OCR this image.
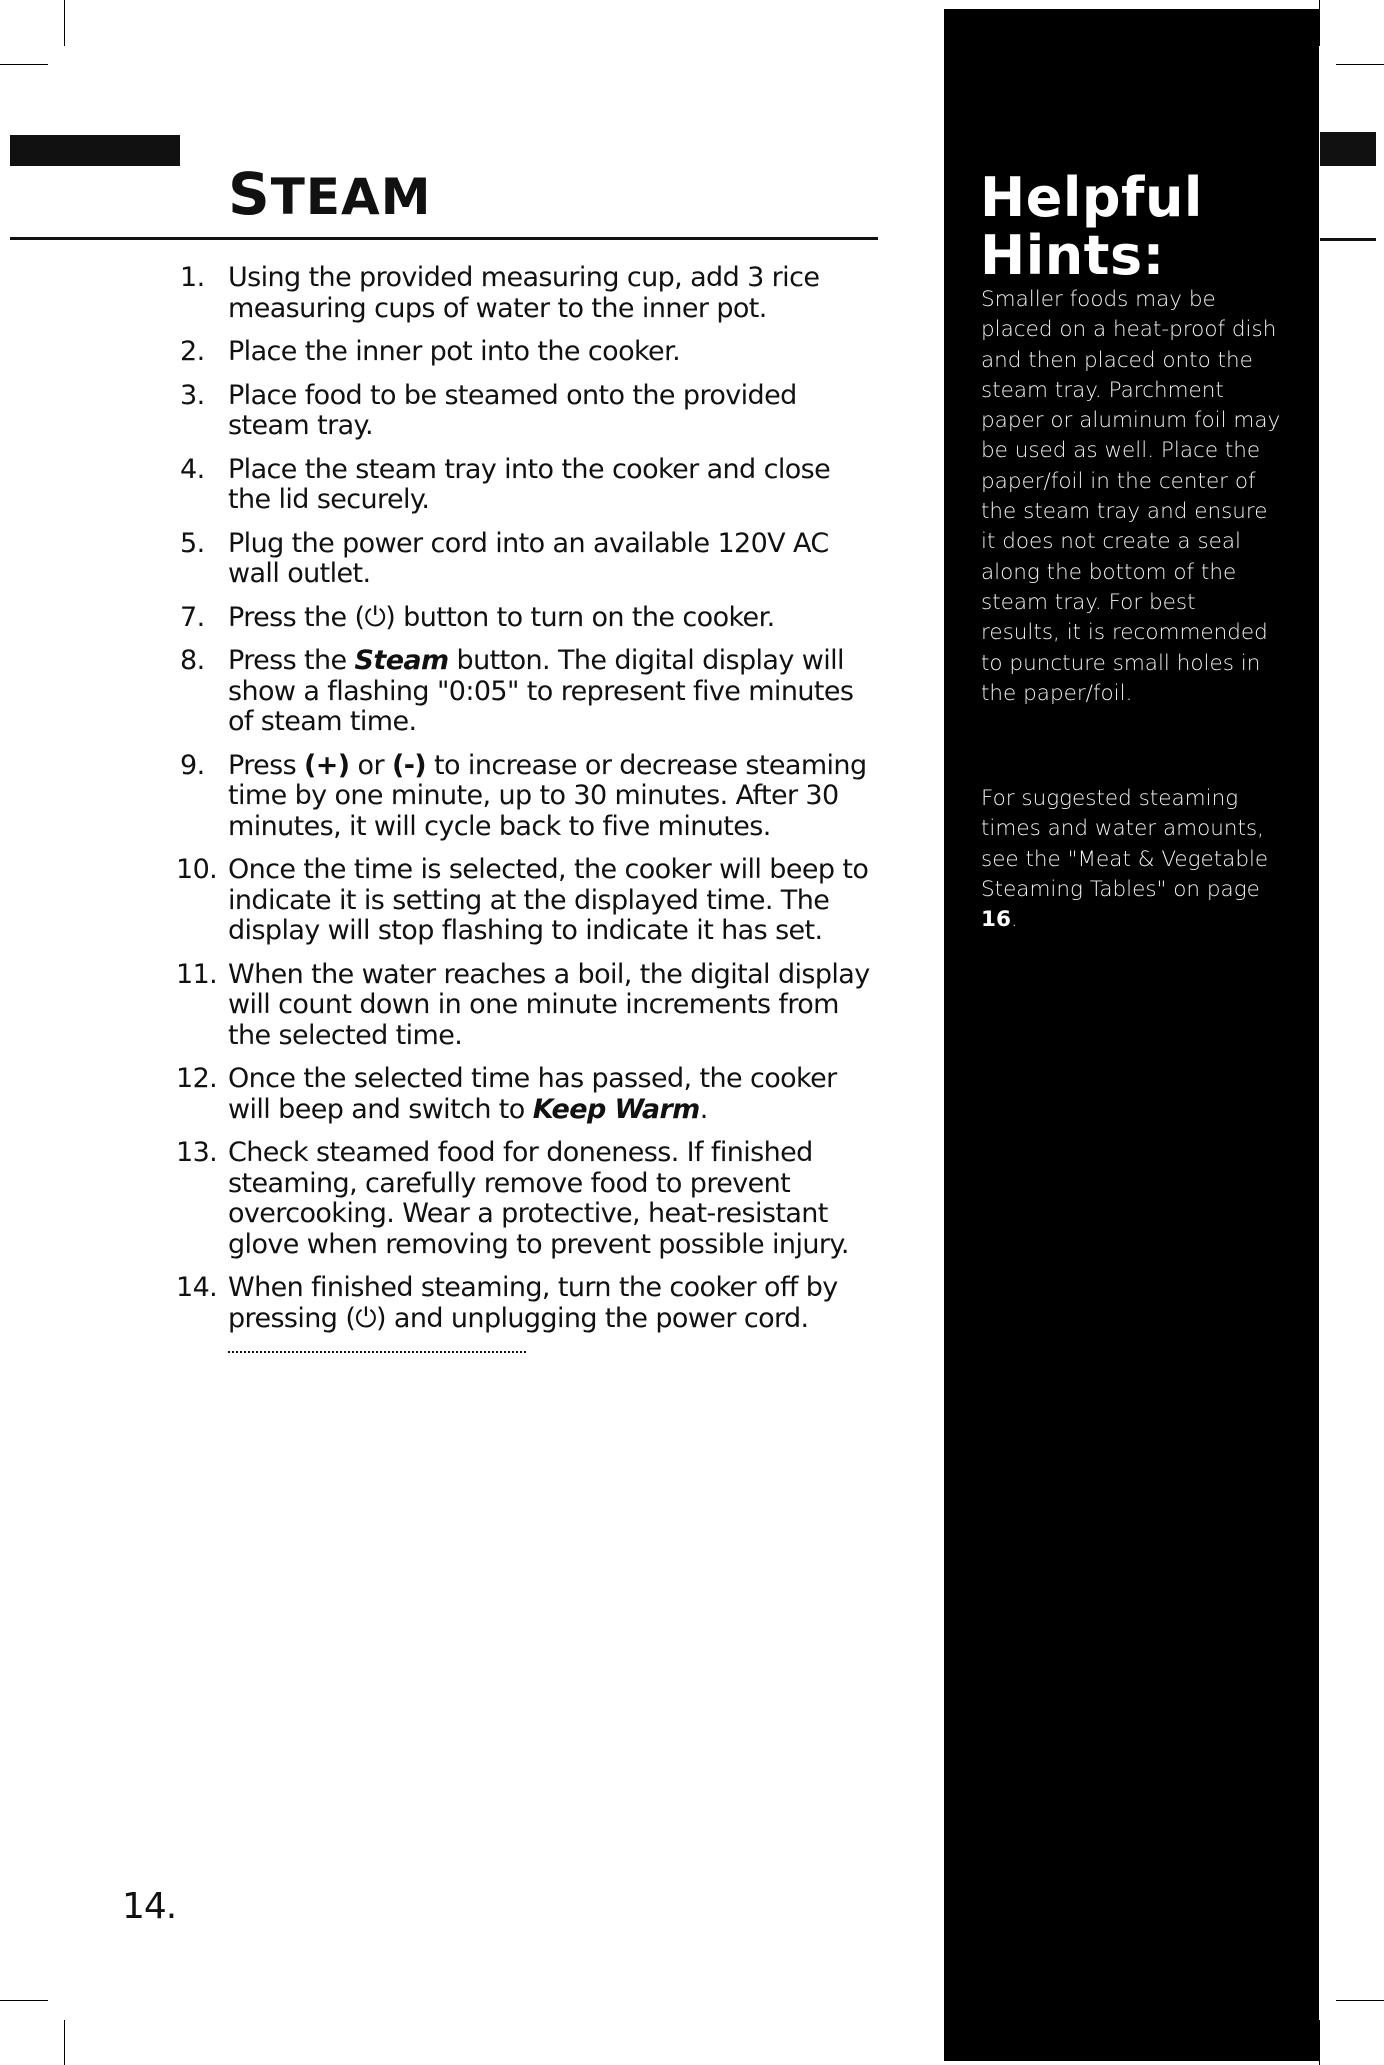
STEAM
1. Using the provided measuring cup, add 3 rice measuring cups of water to the inner pot.
2. Place the inner pot into the cooker.
3. Place food to be steamed onto the provided steam tray.
4. Place the steam tray into the cooker and close the lid securely.
5. Plug the power cord into an available 120V AC wall outlet.
7. Press the (⏻) button to turn on the cooker.
8. Press the Steam button. The digital display will show a flashing "0:05" to represent five minutes of steam time.
9. Press (+) or (-) to increase or decrease steaming time by one minute, up to 30 minutes. After 30 minutes, it will cycle back to five minutes.
10. Once the time is selected, the cooker will beep to indicate it is setting at the displayed time. The display will stop flashing to indicate it has set.
11. When the water reaches a boil, the digital display will count down in one minute increments from the selected time.
12. Once the selected time has passed, the cooker will beep and switch to Keep Warm.
13. Check steamed food for doneness. If finished steaming, carefully remove food to prevent overcooking. Wear a protective, heat-resistant glove when removing to prevent possible injury.
14. When finished steaming, turn the cooker off by pressing (⏻) and unplugging the power cord.
14.
Helpful
Hints:

Smaller foods may be placed on a heat-proof dish and then placed onto the steam tray. Parchment paper or aluminum foil may be used as well. Place the paper/foil in the center of the steam tray and ensure it does not create a seal along the bottom of the steam tray. For best results, it is recommended to puncture small holes in the paper/foil.

For suggested steaming times and water amounts, see the "Meat & Vegetable Steaming Tables" on page 16.
